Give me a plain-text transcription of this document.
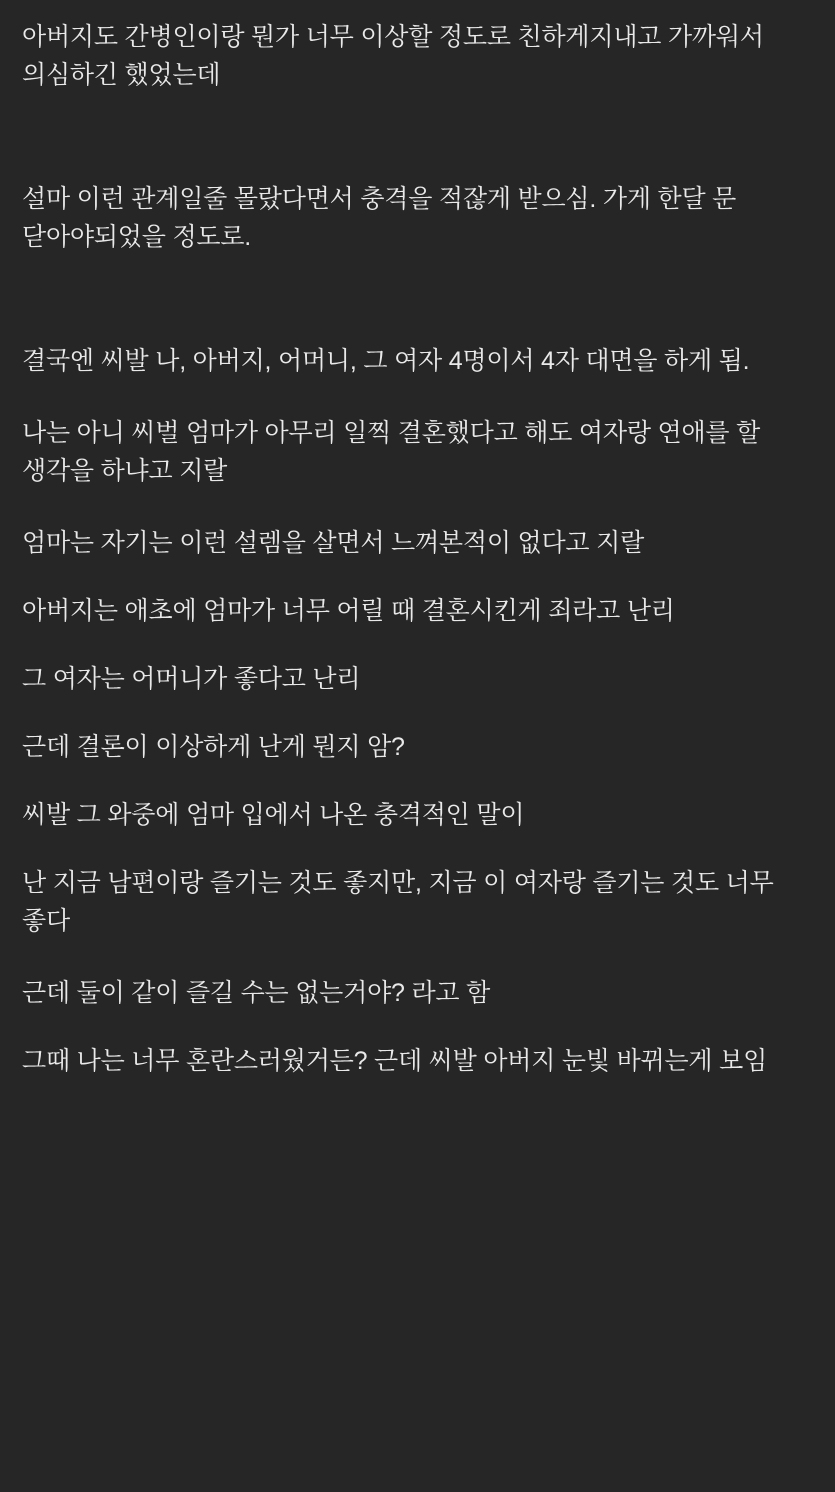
아버지도 간병인이랑 뭔가 너무 이상할 정도로 친하게지내고 가까워서 의심하긴 했었는데

설마 이런 관계일줄 몰랐다면서 충격을 적잖게 받으심. 가게 한달 문 닫아야되었을 정도로.

결국엔 씨발 나, 아버지, 어머니, 그 여자 4명이서 4자 대면을 하게 됨.

나는 아니 씨벌 엄마가 아무리 일찍 결혼했다고 해도 여자랑 연애를 할 생각을 하냐고 지랄

엄마는 자기는 이런 설렘을 살면서 느껴본적이 없다고 지랄

아버지는 애초에 엄마가 너무 어릴 때 결혼시킨게 죄라고 난리

그 여자는 어머니가 좋다고 난리

근데 결론이 이상하게 난게 뭔지 암?

씨발 그 와중에 엄마 입에서 나온 충격적인 말이

난 지금 남편이랑 즐기는 것도 좋지만, 지금 이 여자랑 즐기는 것도 너무 좋다

근데 둘이 같이 즐길 수는 없는거야? 라고 함

그때 나는 너무 혼란스러웠거든? 근데 씨발 아버지 눈빛 바뀌는게 보임
